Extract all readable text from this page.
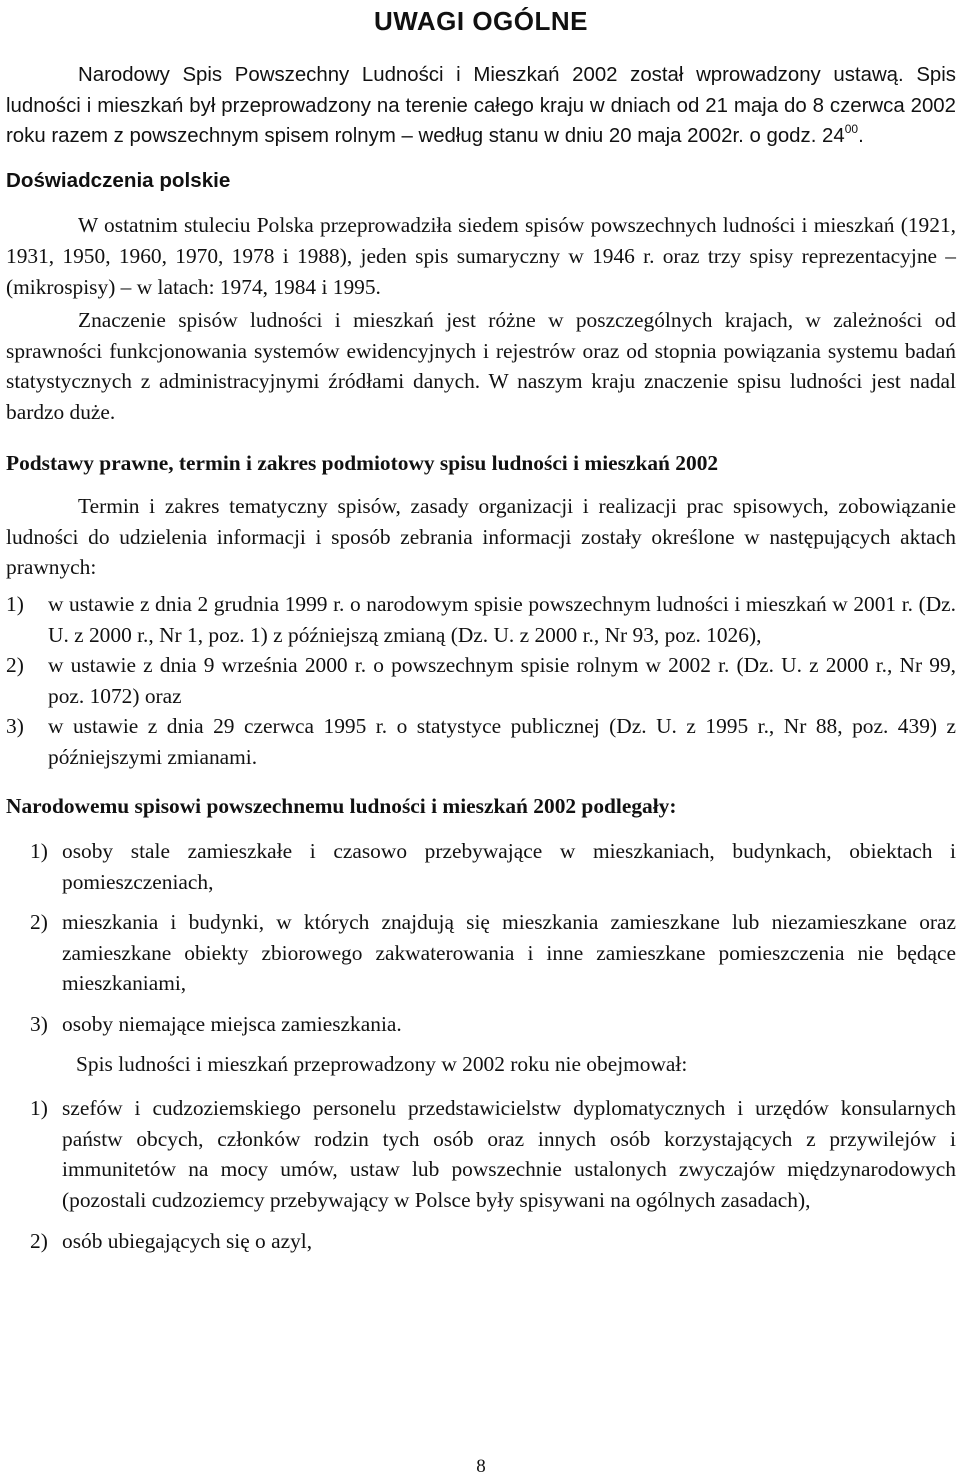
UWAGI OGÓLNE

Narodowy Spis Powszechny Ludności i Mieszkań 2002 został wprowadzony ustawą. Spis ludności i mieszkań był przeprowadzony na terenie całego kraju w dniach od 21 maja do 8 czerwca 2002 roku razem z powszechnym spisem rolnym – według stanu w dniu 20 maja 2002r. o godz. $24^{00}$.

Doświadczenia polskie

W ostatnim stuleciu Polska przeprowadziła siedem spisów powszechnych ludności i mieszkań (1921, 1931, 1950, 1960, 1970, 1978 i 1988), jeden spis sumaryczny w 1946 r. oraz trzy spisy reprezentacyjne – (mikrospisy) – w latach: 1974, 1984 i 1995.

Znaczenie spisów ludności i mieszkań jest różne w poszczególnych krajach, w zależności od sprawności funkcjonowania systemów ewidencyjnych i rejestrów oraz od stopnia powiązania systemu badań statystycznych z administracyjnymi źródłami danych. W naszym kraju znaczenie spisu ludności jest nadal bardzo duże.

Podstawy prawne, termin i zakres podmiotowy spisu ludności i mieszkań 2002

Termin i zakres tematyczny spisów, zasady organizacji i realizacji prac spisowych, zobowiązanie ludności do udzielenia informacji i sposób zebrania informacji zostały określone w następujących aktach prawnych:

1)	w ustawie z dnia 2 grudnia 1999 r. o narodowym spisie powszechnym ludności i mieszkań w 2001 r. (Dz. U. z 2000 r., Nr 1, poz. 1) z późniejszą zmianą (Dz. U. z 2000 r., Nr 93, poz. 1026),
2)	w ustawie z dnia 9 września 2000 r. o powszechnym spisie rolnym w 2002 r. (Dz. U. z 2000 r., Nr 99, poz. 1072) oraz
3)	w ustawie z dnia 29 czerwca 1995 r. o statystyce publicznej (Dz. U. z 1995 r., Nr 88, poz. 439) z późniejszymi zmianami.

Narodowemu spisowi powszechnemu ludności i mieszkań 2002 podlegały:

1) osoby stale zamieszkałe i czasowo przebywające w mieszkaniach, budynkach, obiektach i pomieszczeniach,
2) mieszkania i budynki, w których znajdują się mieszkania zamieszkane lub niezamieszkane oraz zamieszkane obiekty zbiorowego zakwaterowania i inne zamieszkane pomieszczenia nie będące mieszkaniami,
3) osoby niemające miejsca zamieszkania.

Spis ludności i mieszkań przeprowadzony w 2002 roku nie obejmował:

1) szefów i cudzoziemskiego personelu przedstawicielstw dyplomatycznych i urzędów konsularnych państw obcych, członków rodzin tych osób oraz innych osób korzystających z przywilejów i immunitetów na mocy umów, ustaw lub powszechnie ustalonych zwyczajów międzynarodowych (pozostali cudzoziemcy przebywający w Polsce były spisywani na ogólnych zasadach),
2) osób ubiegających się o azyl,
8
